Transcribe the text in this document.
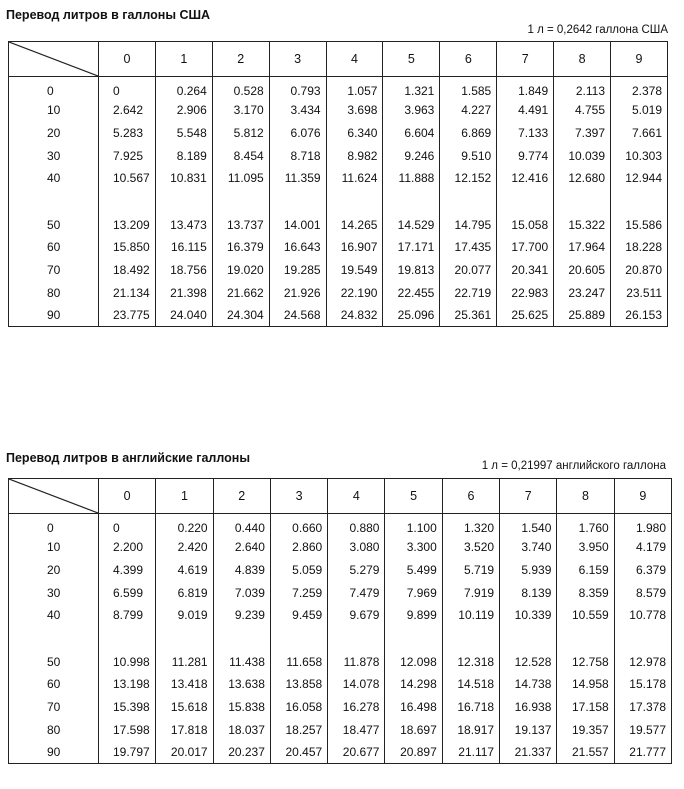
Перевод литров в галлоны США
1 л = 0,2642 галлона США
	0	1	2	3	4	5	6	7	8	9
0	0	0.264	0.528	0.793	1.057	1.321	1.585	1.849	2.113	2.378
10	2.642	2.906	3.170	3.434	3.698	3.963	4.227	4.491	4.755	5.019
20	5.283	5.548	5.812	6.076	6.340	6.604	6.869	7.133	7.397	7.661
30	7.925	8.189	8.454	8.718	8.982	9.246	9.510	9.774	10.039	10.303
40	10.567	10.831	11.095	11.359	11.624	11.888	12.152	12.416	12.680	12.944

50	13.209	13.473	13.737	14.001	14.265	14.529	14.795	15.058	15.322	15.586
60	15.850	16.115	16.379	16.643	16.907	17.171	17.435	17.700	17.964	18.228
70	18.492	18.756	19.020	19.285	19.549	19.813	20.077	20.341	20.605	20.870
80	21.134	21.398	21.662	21.926	22.190	22.455	22.719	22.983	23.247	23.511
90	23.775	24.040	24.304	24.568	24.832	25.096	25.361	25.625	25.889	26.153
Перевод литров в английские галлоны
1 л = 0,21997 английского галлона
	0	1	2	3	4	5	6	7	8	9
0	0	0.220	0.440	0.660	0.880	1.100	1.320	1.540	1.760	1.980
10	2.200	2.420	2.640	2.860	3.080	3.300	3.520	3.740	3.950	4.179
20	4.399	4.619	4.839	5.059	5.279	5.499	5.719	5.939	6.159	6.379
30	6.599	6.819	7.039	7.259	7.479	7.969	7.919	8.139	8.359	8.579
40	8.799	9.019	9.239	9.459	9.679	9.899	10.119	10.339	10.559	10.778

50	10.998	11.281	11.438	11.658	11.878	12.098	12.318	12.528	12.758	12.978
60	13.198	13.418	13.638	13.858	14.078	14.298	14.518	14.738	14.958	15.178
70	15.398	15.618	15.838	16.058	16.278	16.498	16.718	16.938	17.158	17.378
80	17.598	17.818	18.037	18.257	18.477	18.697	18.917	19.137	19.357	19.577
90	19.797	20.017	20.237	20.457	20.677	20.897	21.117	21.337	21.557	21.777
